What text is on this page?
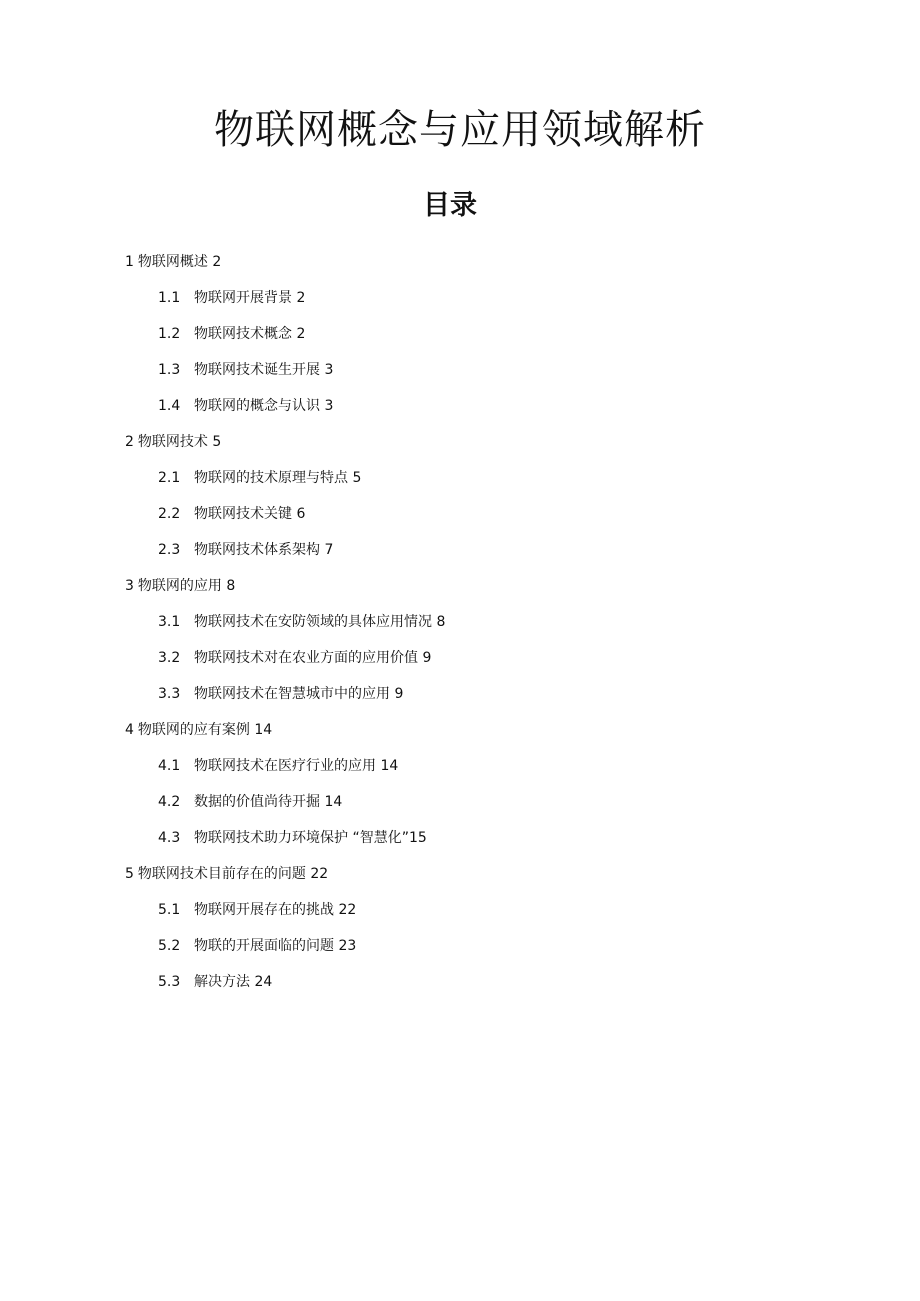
物联网概念与应用领域解析
目录
1 物联网概述 2
1.1 物联网开展背景 2
1.2 物联网技术概念 2
1.3 物联网技术诞生开展 3
1.4 物联网的概念与认识 3
2 物联网技术 5
2.1 物联网的技术原理与特点 5
2.2 物联网技术关键 6
2.3 物联网技术体系架构 7
3 物联网的应用 8
3.1 物联网技术在安防领域的具体应用情况 8
3.2 物联网技术对在农业方面的应用价值 9
3.3 物联网技术在智慧城市中的应用 9
4 物联网的应有案例 14
4.1 物联网技术在医疗行业的应用 14
4.2 数据的价值尚待开掘 14
4.3 物联网技术助力环境保护 “智慧化”15
5 物联网技术目前存在的问题 22
5.1 物联网开展存在的挑战 22
5.2 物联的开展面临的问题 23
5.3 解决方法 24
